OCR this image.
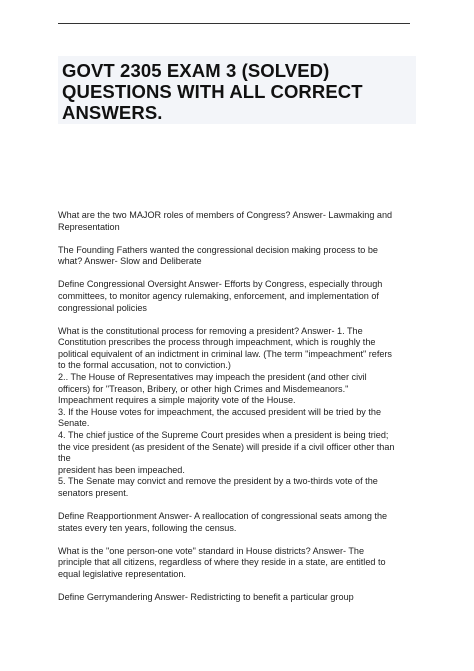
GOVT 2305 EXAM 3 (SOLVED)
QUESTIONS WITH ALL CORRECT
ANSWERS.
What are the two MAJOR roles of members of Congress? Answer- Lawmaking and
Representation
The Founding Fathers wanted the congressional decision making process to be
what? Answer- Slow and Deliberate
Define Congressional Oversight Answer- Efforts by Congress, especially through
committees, to monitor agency rulemaking, enforcement, and implementation of
congressional policies
What is the constitutional process for removing a president? Answer- 1. The
Constitution prescribes the process through impeachment, which is roughly the
political equivalent of an indictment in criminal law. (The term "impeachment" refers
to the formal accusation, not to conviction.)
2.. The House of Representatives may impeach the president (and other civil
officers) for "Treason, Bribery, or other high Crimes and Misdemeanors."
Impeachment requires a simple majority vote of the House.
3. If the House votes for impeachment, the accused president will be tried by the
Senate.
4. The chief justice of the Supreme Court presides when a president is being tried;
the vice president (as president of the Senate) will preside if a civil officer other than
the
president has been impeached.
5. The Senate may convict and remove the president by a two-thirds vote of the
senators present.
Define Reapportionment Answer- A reallocation of congressional seats among the
states every ten years, following the census.
What is the "one person-one vote" standard in House districts? Answer- The
principle that all citizens, regardless of where they reside in a state, are entitled to
equal legislative representation.
Define Gerrymandering Answer- Redistricting to benefit a particular group
